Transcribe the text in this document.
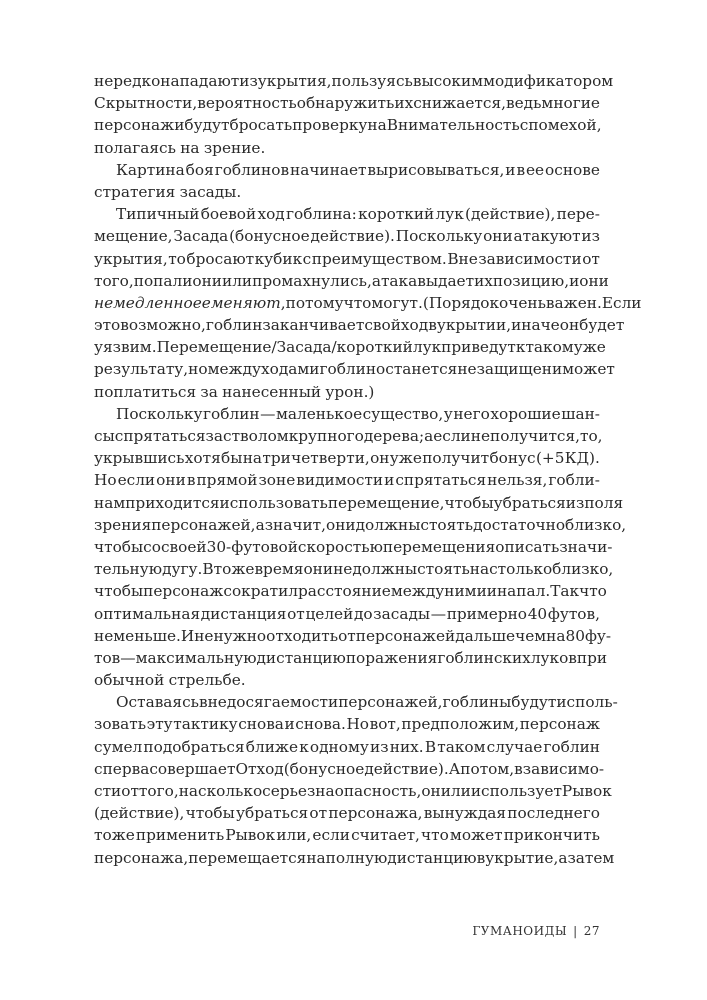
нередко нападают из укрытия, пользуясь высоким модификатором
Скрытности, вероятность обнаружить их снижается, ведь многие
персонажи будут бросать проверку на Внимательность с помехой,
полагаясь на зрение.
Картина боя гоблинов начинает вырисовываться, и в ее основе
стратегия засады.
Типичный боевой ход гоблина: короткий лук (действие), пере-
мещение, Засада (бонусное действие). Поскольку они атакуют из
укрытия, то бросают кубик с преимуществом. Вне зависимости от
того, попали они или промахнулись, атака выдает их позицию, и они
немедленно ее меняют, потому что могут. (Порядок очень важен. Если
это возможно, гоблин заканчивает свой ход в укрытии, иначе он будет
уязвим. Перемещение / Засада / короткий лук приведут к такому же
результату, но между ходами гоблин останется незащищен и может
поплатиться за нанесенный урон.)
Поскольку гоблин — маленькое существо, у него хорошие шан-
сы спрятаться за стволом крупного дерева; а если не получится, то,
укрывшись хотя бы на три четверти, он уже получит бонус (+5 КД).
Но если они в прямой зоне видимости и спрятаться нельзя, гобли-
нам приходится использовать перемещение, чтобы убраться из поля
зрения персонажей, а значит, они должны стоять достаточно близко,
чтобы со своей 30-футовой скоростью перемещения описать значи-
тельную дугу. В то же время они не должны стоять настолько близко,
чтобы персонаж сократил расстояние между ними и напал. Так что
оптимальная дистанция от целей до засады — примерно 40 футов,
не меньше. И не нужно отходить от персонажей дальше чем на 80 фу-
тов — максимальную дистанцию поражения гоблинских луков при
обычной стрельбе.
Оставаясь вне досягаемости персонажей, гоблины будут исполь-
зовать эту тактику снова и снова. Но вот, предположим, персонаж
сумел подобраться ближе к одному из них. В таком случае гоблин
сперва совершает Отход (бонусное действие). А потом, в зависимо-
сти от того, насколько серьезна опасность, он или использует Рывок
(действие), чтобы убраться от персонажа, вынуждая последнего
тоже применить Рывок или, если считает, что может прикончить
персонажа, перемещается на полную дистанцию в укрытие, а затем
ГУМАНОИДЫ | 27
